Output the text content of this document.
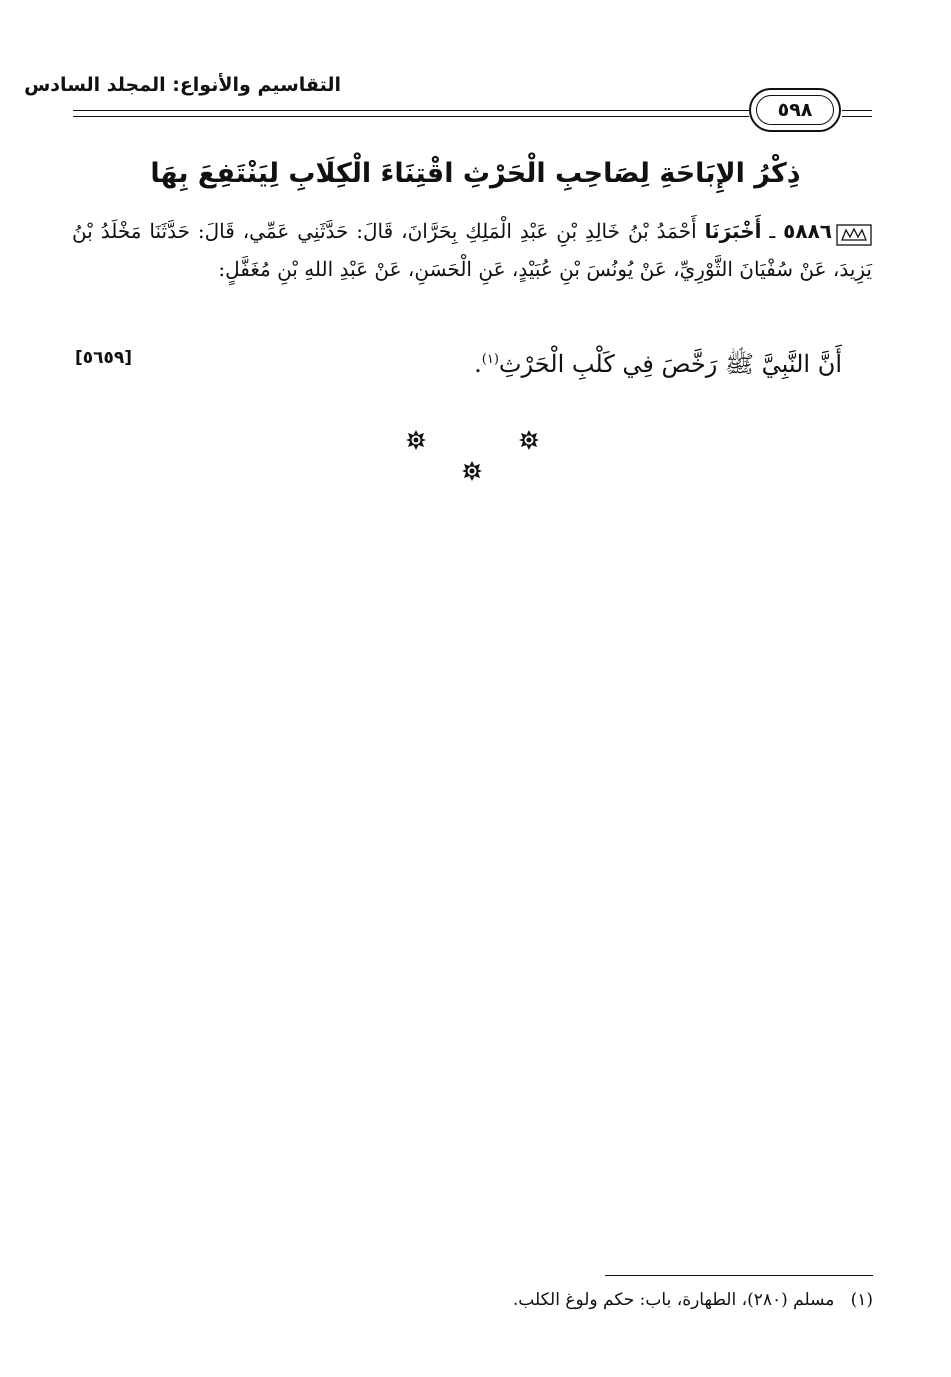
التقاسيم والأنواع: المجلد السادس
٥٩٨
ذِكْرُ الإِبَاحَةِ لِصَاحِبِ الْحَرْثِ اقْتِنَاءَ الْكِلَابِ لِيَنْتَفِعَ بِهَا
٥٨٨٦ ـ أَخْبَرَنَا أَحْمَدُ بْنُ خَالِدِ بْنِ عَبْدِ الْمَلِكِ بِحَرَّانَ، قَالَ: حَدَّثَنِي عَمِّي، قَالَ: حَدَّثَنَا مَخْلَدُ بْنُ يَزِيدَ، عَنْ سُفْيَانَ الثَّوْرِيِّ، عَنْ يُونُسَ بْنِ عُبَيْدٍ، عَنِ الْحَسَنِ، عَنْ عَبْدِ اللهِ بْنِ مُغَفَّلٍ:
أَنَّ النَّبِيَّ ﷺ رَخَّصَ فِي كَلْبِ الْحَرْثِ$^{(١)}$.
[٥٦٥٩]
(١)   مسلم (٢٨٠)، الطهارة، باب: حكم ولوغ الكلب.
